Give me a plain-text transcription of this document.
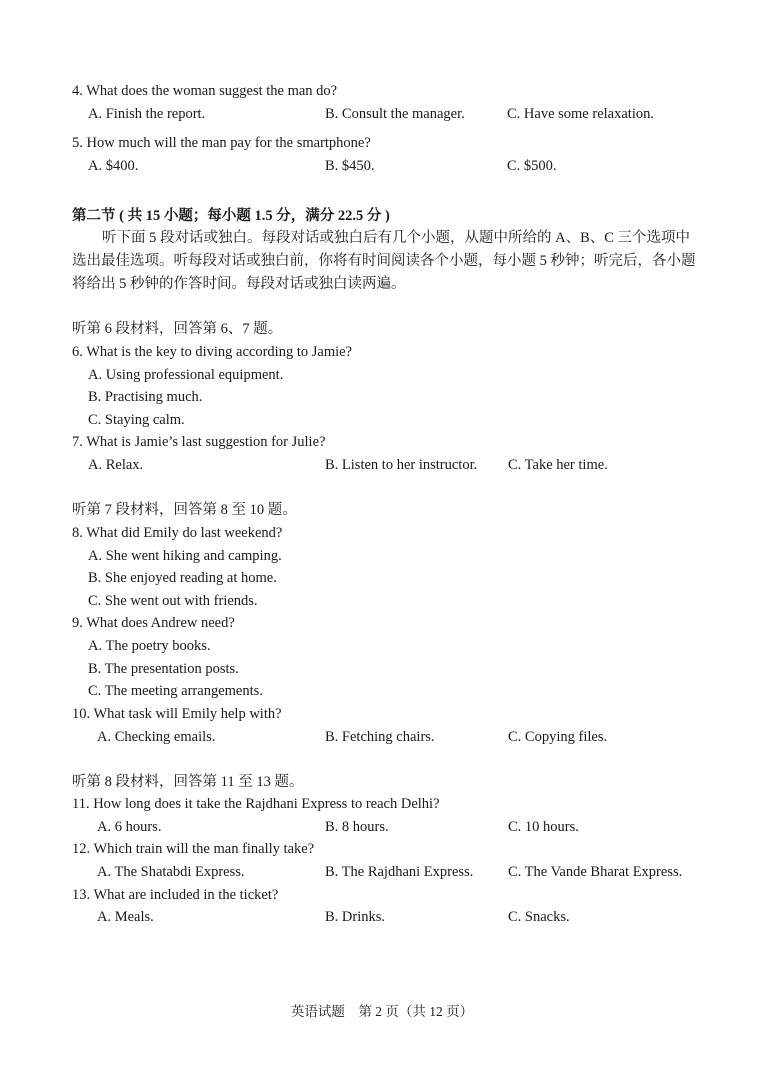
4. What does the woman suggest the man do?
A. Finish the report.	B. Consult the manager.	C. Have some relaxation.
5. How much will the man pay for the smartphone?
A. $400.	B. $450.	C. $500.
第二节 ( 共 15 小题；每小题 1.5 分，满分 22.5 分 )
听下面 5 段对话或独白。每段对话或独白后有几个小题，从题中所给的 A、B、C 三个选项中选出最佳选项。听每段对话或独白前，你将有时间阅读各个小题，每小题 5 秒钟；听完后，各小题将给出 5 秒钟的作答时间。每段对话或独白读两遍。
听第 6 段材料，回答第 6、7 题。
6. What is the key to diving according to Jamie?
A. Using professional equipment.
B. Practising much.
C. Staying calm.
7. What is Jamie’s last suggestion for Julie?
A. Relax.	B. Listen to her instructor. C. Take her time.
听第 7 段材料，回答第 8 至 10 题。
8. What did Emily do last weekend?
A. She went hiking and camping.
B. She enjoyed reading at home.
C. She went out with friends.
9. What does Andrew need?
A. The poetry books.
B. The presentation posts.
C. The meeting arrangements.
10. What task will Emily help with?
A. Checking emails.	B. Fetching chairs.	C. Copying files.
听第 8 段材料，回答第 11 至 13 题。
11. How long does it take the Rajdhani Express to reach Delhi?
A. 6 hours.	B. 8 hours.	C. 10 hours.
12. Which train will the man finally take?
A. The Shatabdi Express.	B. The Rajdhani Express. C. The Vande Bharat Express.
13. What are included in the ticket?
A. Meals.	B. Drinks.	C. Snacks.
英语试题　第 2 页（共 12 页）
